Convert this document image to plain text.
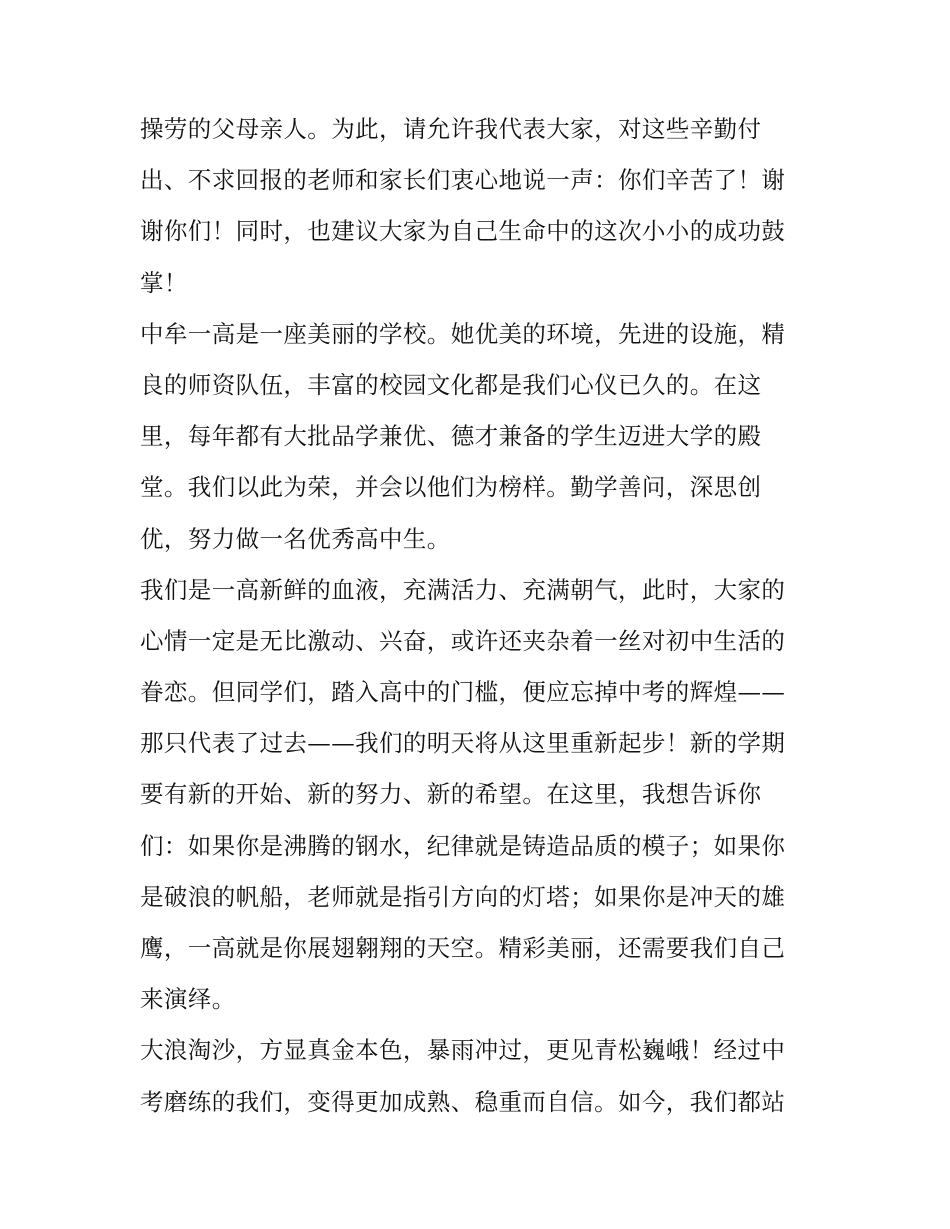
操劳的父母亲人。为此，请允许我代表大家，对这些辛勤付
出、不求回报的老师和家长们衷心地说一声：你们辛苦了！谢
谢你们！同时，也建议大家为自己生命中的这次小小的成功鼓
掌！
中牟一高是一座美丽的学校。她优美的环境，先进的设施，精
良的师资队伍，丰富的校园文化都是我们心仪已久的。在这
里，每年都有大批品学兼优、德才兼备的学生迈进大学的殿
堂。我们以此为荣，并会以他们为榜样。勤学善问，深思创
优，努力做一名优秀高中生。
我们是一高新鲜的血液，充满活力、充满朝气，此时，大家的
心情一定是无比激动、兴奋，或许还夹杂着一丝对初中生活的
眷恋。但同学们，踏入高中的门槛，便应忘掉中考的辉煌——
那只代表了过去——我们的明天将从这里重新起步！新的学期
要有新的开始、新的努力、新的希望。在这里，我想告诉你
们：如果你是沸腾的钢水，纪律就是铸造品质的模子；如果你
是破浪的帆船，老师就是指引方向的灯塔；如果你是冲天的雄
鹰，一高就是你展翅翱翔的天空。精彩美丽，还需要我们自己
来演绎。
大浪淘沙，方显真金本色，暴雨冲过，更见青松巍峨！经过中
考磨练的我们，变得更加成熟、稳重而自信。如今，我们都站
